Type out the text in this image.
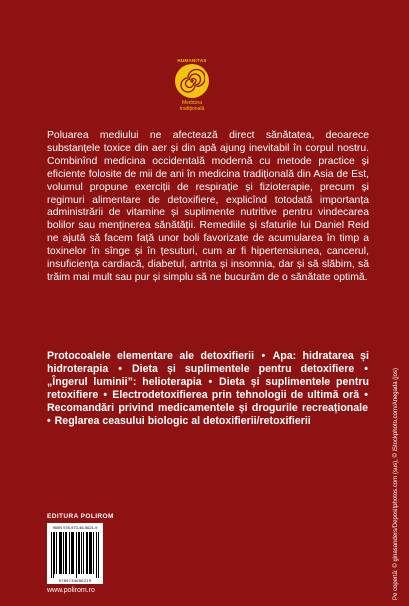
HUMANITAS
Medicina
tradițională

Poluarea mediului ne afectează direct sănătatea, deoarece substanțele toxice din aer și din apă ajung inevitabil în corpul nostru. Combinînd medicina occidentală modernă cu metode practice și eficiente folosite de mii de ani în medicina tradițională din Asia de Est, volumul propune exerciții de respirație și fizioterapie, precum și regimuri alimentare de detoxifiere, explicînd totodată importanța administrării de vitamine și suplimente nutritive pentru vindecarea bolilor sau menținerea sănătății. Remediile și sfaturile lui Daniel Reid ne ajută să facem față unor boli favorizate de acumularea în timp a toxinelor în sînge și în țesuturi, cum ar fi hipertensiunea, cancerul, insuficiența cardiacă, diabetul, artrita și insomnia, dar și să slăbim, să trăim mai mult sau pur și simplu să ne bucurăm de o sănătate optimă.

Protocoalele elementare ale detoxifierii • Apa: hidratarea și hidroterapia • Dieta și suplimentele pentru detoxifiere • „Îngerul luminii”: helioterapia • Dieta și suplimentele pentru retoxifiere • Electrodetoxifierea prin tehnologii de ultimă oră • Recomandări privind medicamentele și drogurile recreaționale • Reglarea ceasului biologic al detoxifierii/retoxifierii
EDITURA POLIROM
ISBN 978-973-46-5621-9
9789734656219
www.polirom.ro	Pe copertă: © ginasanders/Depositphotos.com (sus), © iStockphoto.com/Anegada (jos)
